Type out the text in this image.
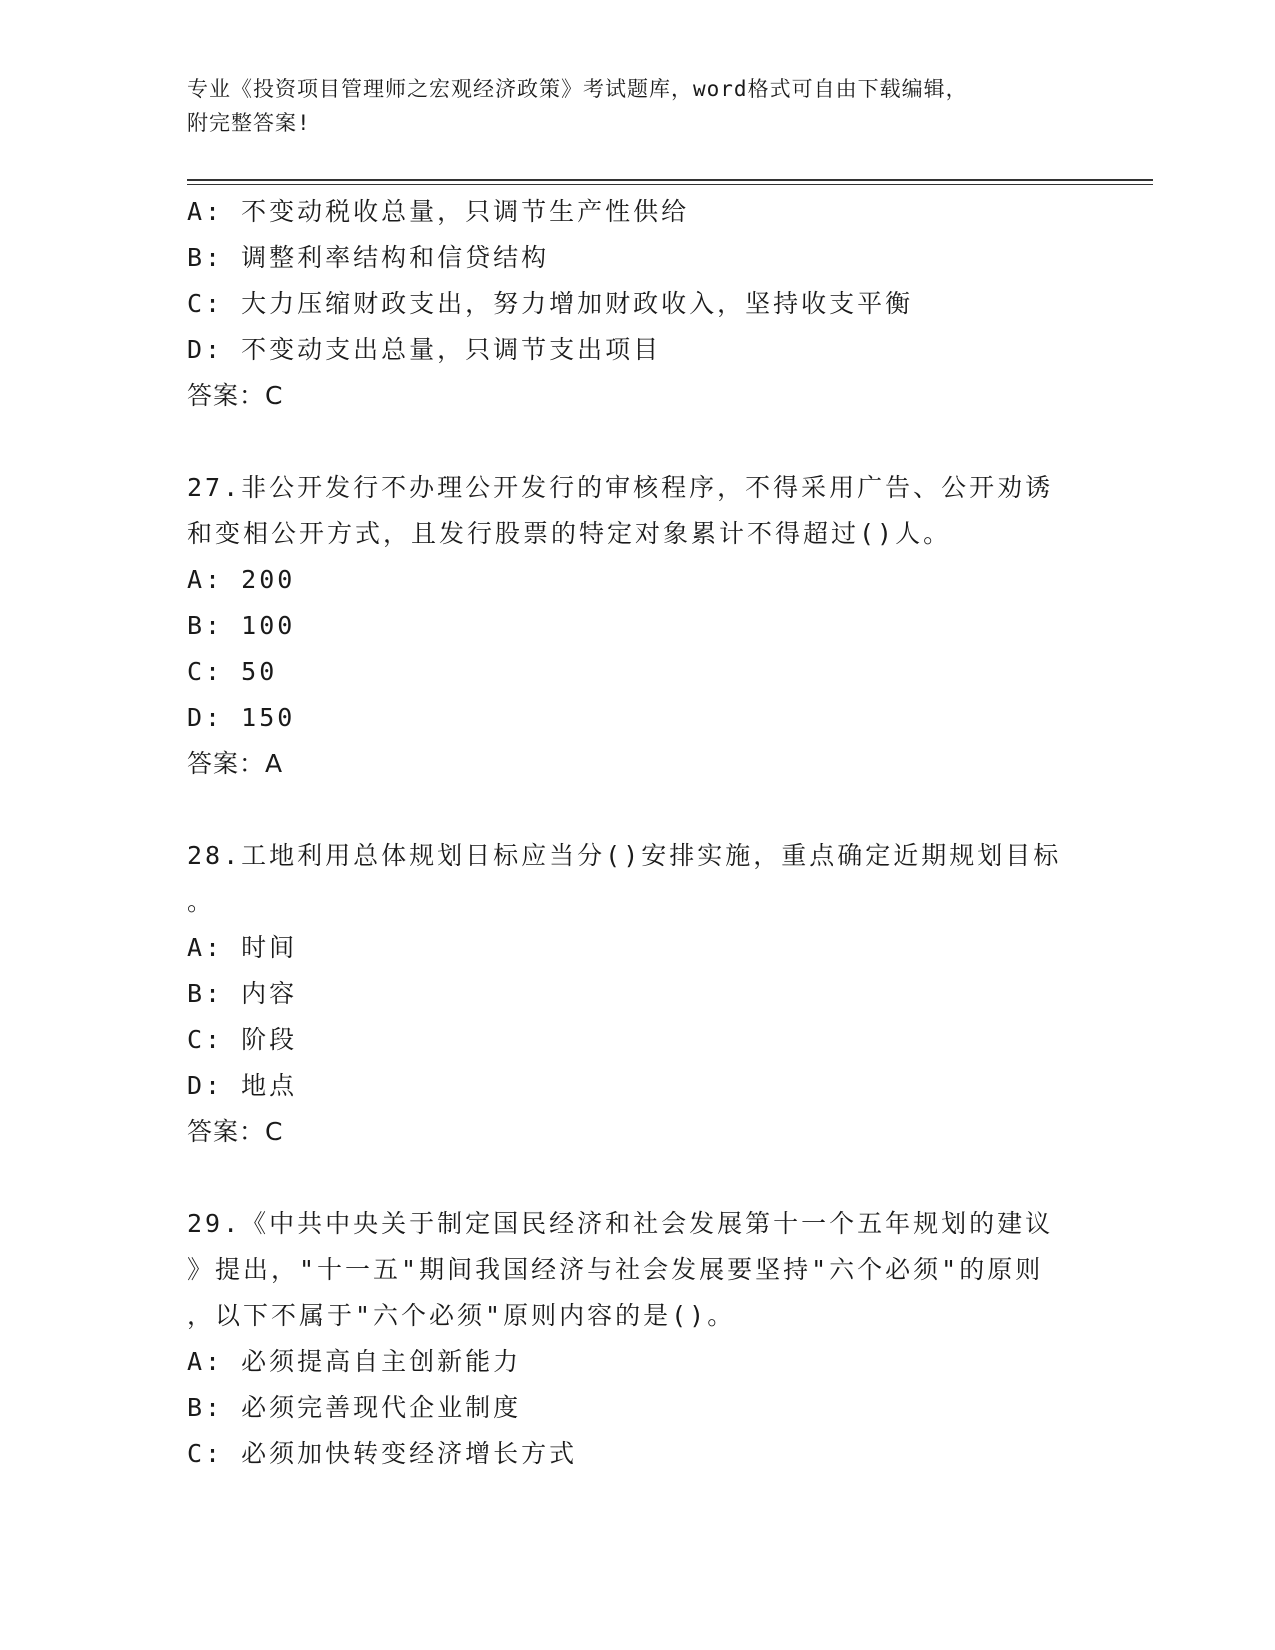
专业《投资项目管理师之宏观经济政策》考试题库，word格式可自由下载编辑，
附完整答案!
A: 不变动税收总量，只调节生产性供给
B: 调整利率结构和信贷结构
C: 大力压缩财政支出，努力增加财政收入，坚持收支平衡
D: 不变动支出总量，只调节支出项目
答案：C
27.非公开发行不办理公开发行的审核程序，不得采用广告、公开劝诱
和变相公开方式，且发行股票的特定对象累计不得超过()人。
A: 200
B: 100
C: 50
D: 150
答案：A
28.工地利用总体规划日标应当分()安排实施，重点确定近期规划目标
。
A: 时间
B: 内容
C: 阶段
D: 地点
答案：C
29.《中共中央关于制定国民经济和社会发展第十一个五年规划的建议
》提出，"十一五"期间我国经济与社会发展要坚持"六个必须"的原则
，以下不属于"六个必须"原则内容的是()。
A: 必须提高自主创新能力
B: 必须完善现代企业制度
C: 必须加快转变经济增长方式
